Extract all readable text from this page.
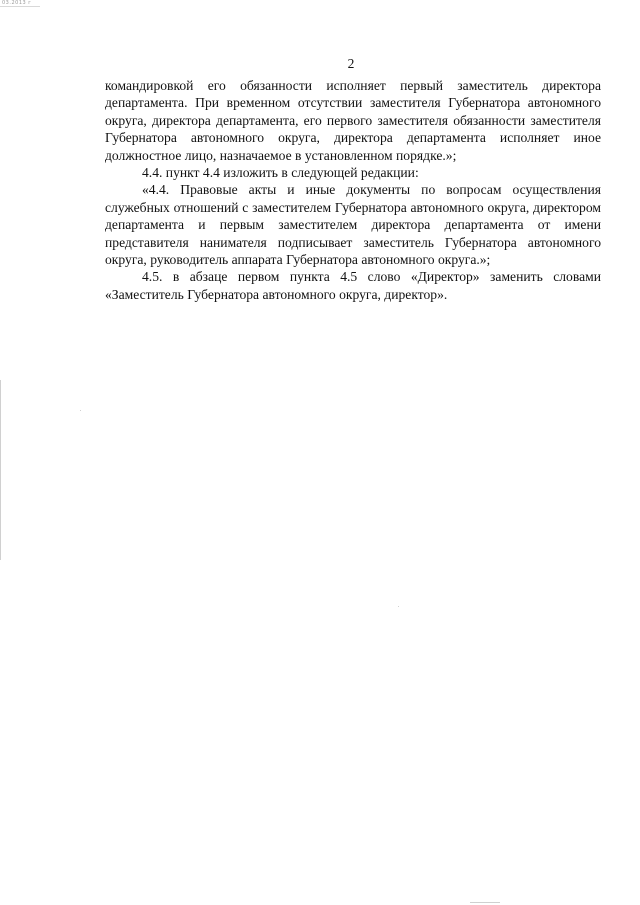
03.2013 г
2

командировкой его обязанности исполняет первый заместитель директора департамента. При временном отсутствии заместителя Губернатора автономного округа, директора департамента, его первого заместителя обязанности заместителя Губернатора автономного округа, директора департамента исполняет иное должностное лицо, назначаемое в установленном порядке.»;

4.4. пункт 4.4 изложить в следующей редакции:

«4.4. Правовые акты и иные документы по вопросам осуществления служебных отношений с заместителем Губернатора автономного округа, директором департамента и первым заместителем директора департамента от имени представителя нанимателя подписывает заместитель Губернатора автономного округа, руководитель аппарата Губернатора автономного округа.»;

4.5. в абзаце первом пункта 4.5 слово «Директор» заменить словами «Заместитель Губернатора автономного округа, директор».
